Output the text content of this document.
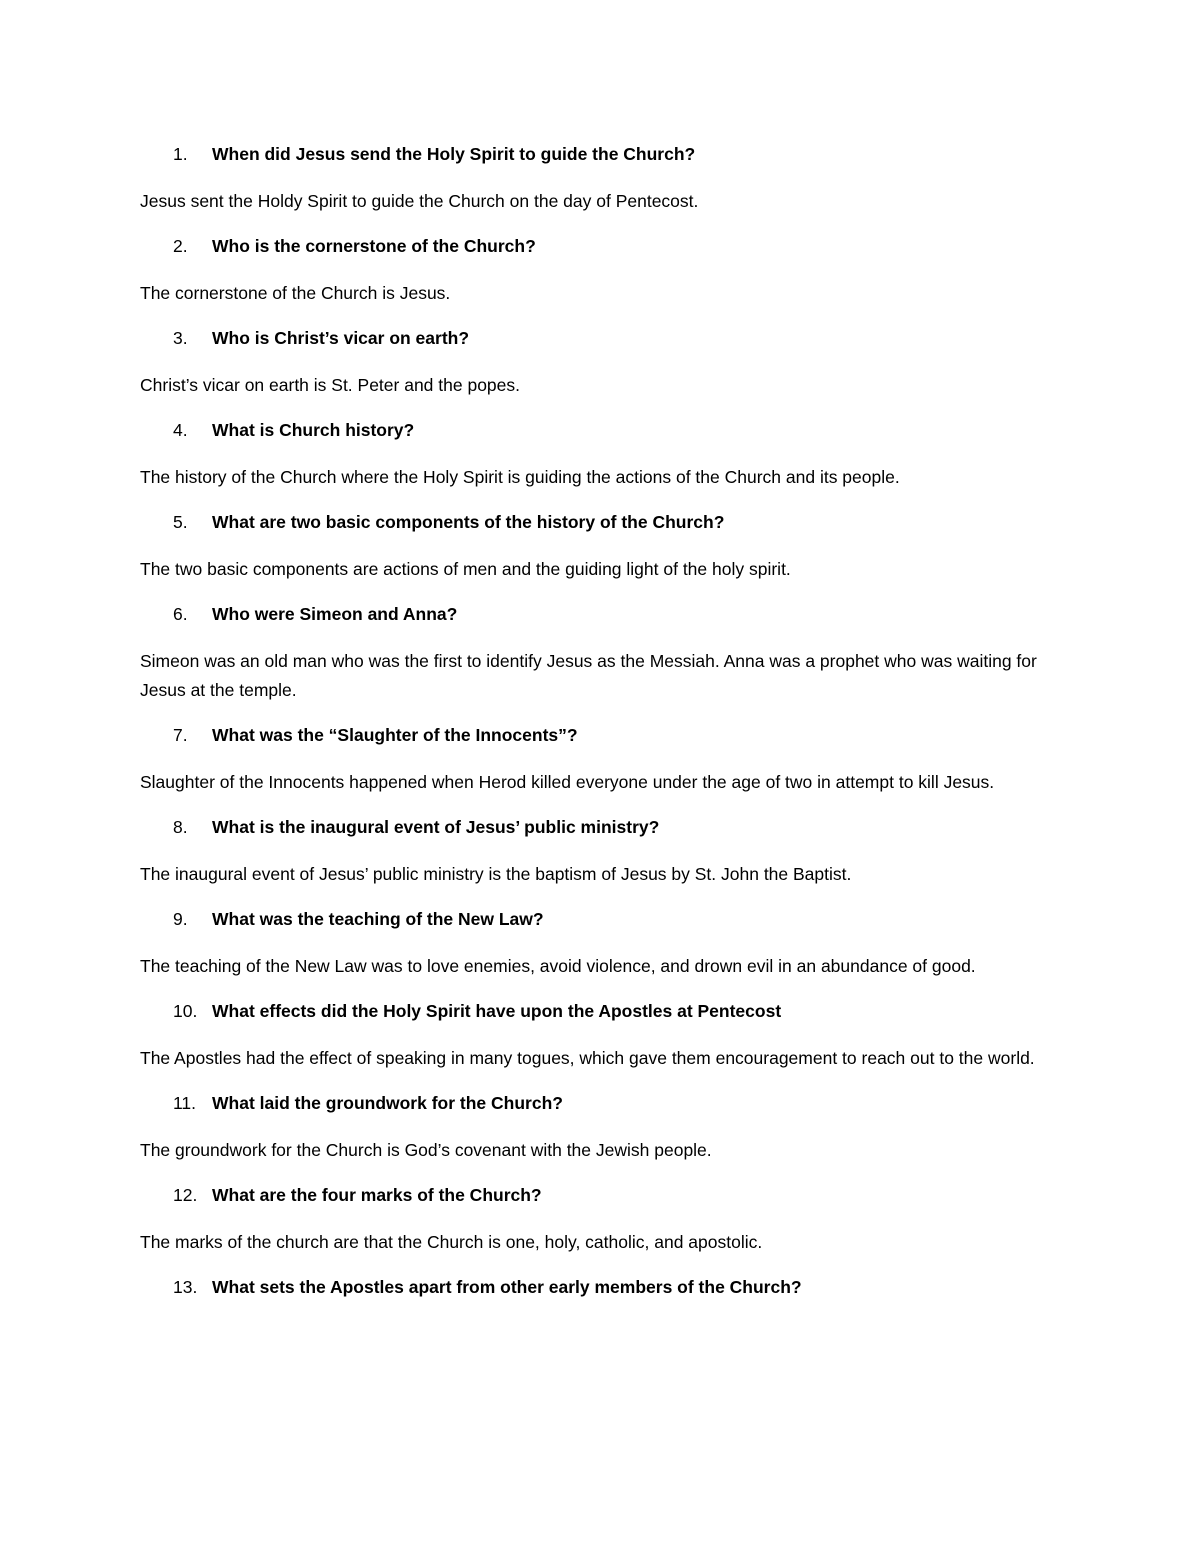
1.	When did Jesus send the Holy Spirit to guide the Church?

Jesus sent the Holdy Spirit to guide the Church on the day of Pentecost.

2.	Who is the cornerstone of the Church?

The cornerstone of the Church is Jesus.

3.	Who is Christ’s vicar on earth?

Christ’s vicar on earth is St. Peter and the popes.

4.	What is Church history?

The history of the Church where the Holy Spirit is guiding the actions of the Church and its people.

5.	What are two basic components of the history of the Church?

The two basic components are actions of men and the guiding light of the holy spirit.

6.	Who were Simeon and Anna?

Simeon was an old man who was the first to identify Jesus as the Messiah. Anna was a prophet who was waiting for Jesus at the temple.

7.	What was the “Slaughter of the Innocents”?

Slaughter of the Innocents happened when Herod killed everyone under the age of two in attempt to kill Jesus.

8.	What is the inaugural event of Jesus’ public ministry?

The inaugural event of Jesus’ public ministry is the baptism of Jesus by St. John the Baptist.

9.	What was the teaching of the New Law?

The teaching of the New Law was to love enemies, avoid violence, and drown evil in an abundance of good.

10. What effects did the Holy Spirit have upon the Apostles at Pentecost

The Apostles had the effect of speaking in many togues, which gave them encouragement to reach out to the world.

11. What laid the groundwork for the Church?

The groundwork for the Church is God’s covenant with the Jewish people.

12. What are the four marks of the Church?

The marks of the church are that the Church is one, holy, catholic, and apostolic.

13. What sets the Apostles apart from other early members of the Church?
